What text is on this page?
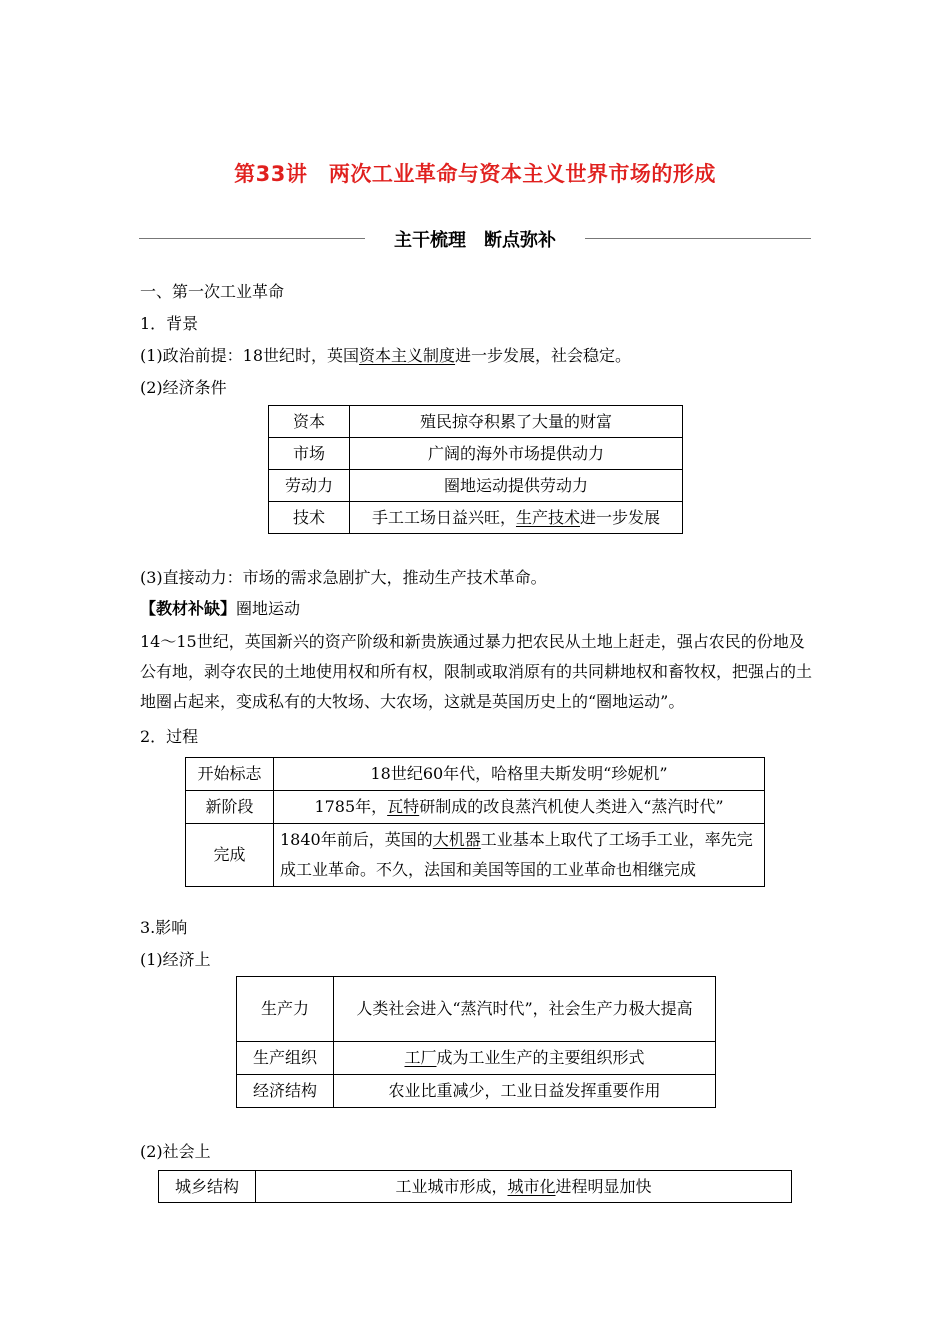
第33讲　两次工业革命与资本主义世界市场的形成
主干梳理　断点弥补
一、第一次工业革命
1．背景
(1)政治前提：18世纪时，英国资本主义制度进一步发展，社会稳定。
(2)经济条件
资本	殖民掠夺积累了大量的财富
市场	广阔的海外市场提供动力
劳动力	圈地运动提供劳动力
技术	手工工场日益兴旺，生产技术进一步发展
(3)直接动力：市场的需求急剧扩大，推动生产技术革命。
【教材补缺】圈地运动
14～15世纪，英国新兴的资产阶级和新贵族通过暴力把农民从土地上赶走，强占农民的份地及公有地，剥夺农民的土地使用权和所有权，限制或取消原有的共同耕地权和畜牧权，把强占的土地圈占起来，变成私有的大牧场、大农场，这就是英国历史上的“圈地运动”。
2．过程
开始标志	18世纪60年代，哈格里夫斯发明“珍妮机”
新阶段	1785年，瓦特研制成的改良蒸汽机使人类进入“蒸汽时代”
完成	1840年前后，英国的大机器工业基本上取代了工场手工业，率先完成工业革命。不久，法国和美国等国的工业革命也相继完成
3.影响
(1)经济上
生产力	人类社会进入“蒸汽时代”，社会生产力极大提高
生产组织	工厂成为工业生产的主要组织形式
经济结构	农业比重减少，工业日益发挥重要作用
(2)社会上
城乡结构	工业城市形成，城市化进程明显加快
